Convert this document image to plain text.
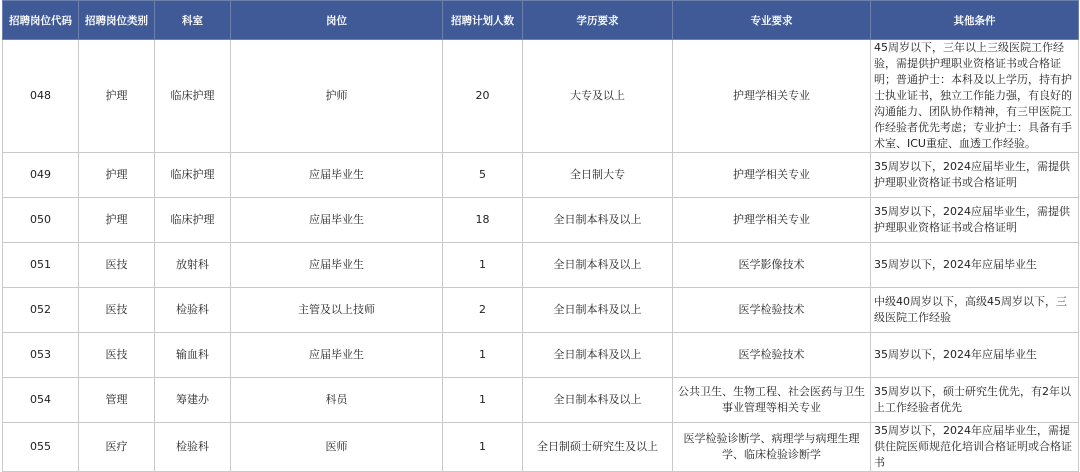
招聘岗位代码	招聘岗位类别	科室	岗位	招聘计划人数	学历要求	专业要求	其他条件
048	护理	临床护理	护师	20	大专及以上	护理学相关专业	45周岁以下，三年以上三级医院工作经验，需提供护理职业资格证书或合格证明；普通护士：本科及以上学历，持有护士执业证书，独立工作能力强，有良好的沟通能力、团队协作精神，有三甲医院工作经验者优先考虑；专业护士：具备有手术室、ICU重症、血透工作经验。
049	护理	临床护理	应届毕业生	5	全日制大专	护理学相关专业	35周岁以下，2024应届毕业生，需提供护理职业资格证书或合格证明
050	护理	临床护理	应届毕业生	18	全日制本科及以上	护理学相关专业	35周岁以下，2024应届毕业生，需提供护理职业资格证书或合格证明
051	医技	放射科	应届毕业生	1	全日制本科及以上	医学影像技术	35周岁以下，2024年应届毕业生
052	医技	检验科	主管及以上技师	2	全日制本科及以上	医学检验技术	中级40周岁以下，高级45周岁以下，三级医院工作经验
053	医技	输血科	应届毕业生	1	全日制本科及以上	医学检验技术	35周岁以下，2024年应届毕业生
054	管理	筹建办	科员	1	全日制本科及以上	公共卫生、生物工程、社会医药与卫生事业管理等相关专业	35周岁以下，硕士研究生优先，有2年以上工作经验者优先
055	医疗	检验科	医师	1	全日制硕士研究生及以上	医学检验诊断学、病理学与病理生理学、临床检验诊断学	35周岁以下，2024年应届毕业生，需提供住院医师规范化培训合格证明或合格证书
